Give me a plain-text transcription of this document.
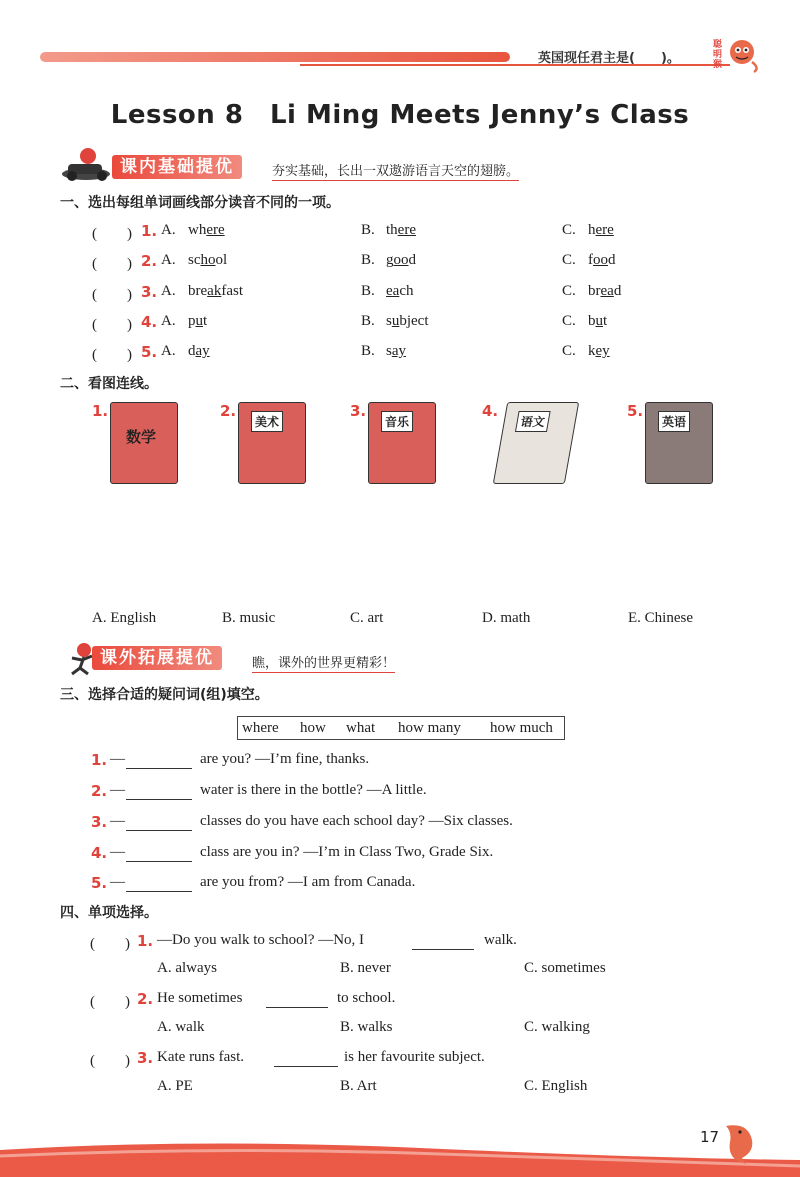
英国现任君主是(　　)。
聪明猴
Lesson 8　Li Ming Meets Jenny’s Class
课内基础提优	夯实基础，长出一双遨游语言天空的翅膀。
一、选出每组单词画线部分读音不同的一项。
(　　) 1. A.	B.	C.
where	there	here
(　　) 2. A.	B.	C.
school	good	food
(　　) 3. A.	B.	C.
breakfast	each	bread
(　　) 4. A.	B.	C.
put	subject	but
(　　) 5. A.	B.	C.
day	say	key
二、看图连线。
1.
数学
2.
美术
3.
音乐
4.
语文
5.
英语
A. English	B. music	C. art	D. math	E. Chinese
课外拓展提优	瞧，课外的世界更精彩！
三、选择合适的疑问词(组)填空。
where how what how many how much
1. —	are you? —I’m fine, thanks.
2. —	water is there in the bottle? —A little.
3. —	classes do you have each school day? —Six classes.
4. —	class are you in? —I’m in Class Two, Grade Six.
5. —	are you from? —I am from Canada.
四、单项选择。
(　　) 1. —Do you walk to school? —No, I	walk.
A. always	B. never	C. sometimes
(　　) 2. He sometimes	to school.
A. walk	B. walks	C. walking
(　　) 3. Kate runs fast.	is her favourite subject.
A. PE	B. Art	C. English
17
